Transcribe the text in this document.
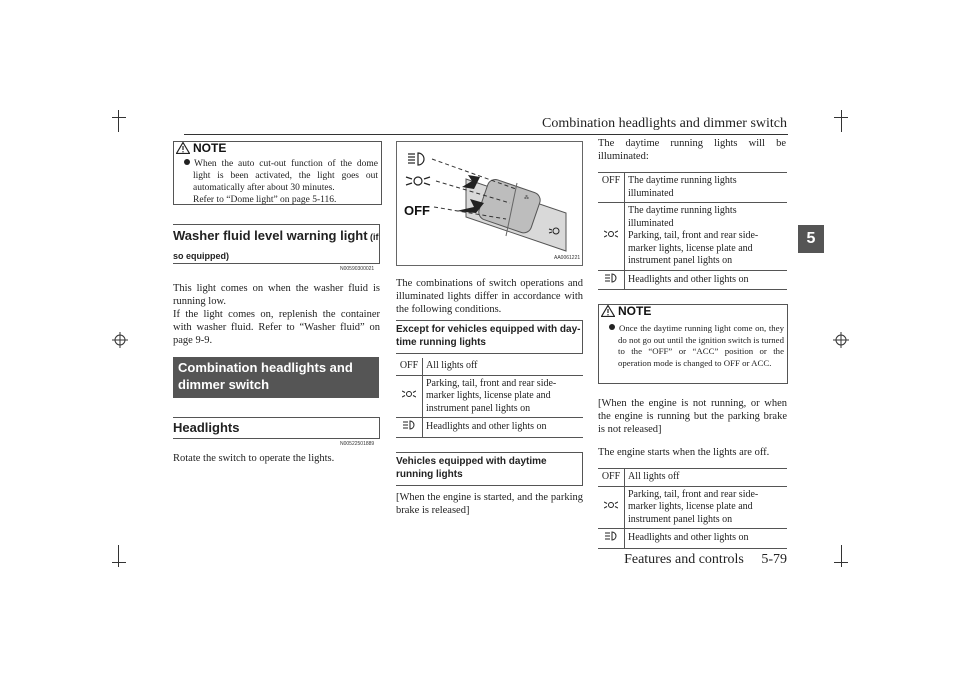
Combination headlights and dimmer switch
5
NOTE
When the auto cut-out function of the dome light is been activated, the light goes out automatically after about 30 minutes.
Refer to “Dome light” on page 5-116.
Washer fluid level warning light (if so equipped)
N00590300021
This light comes on when the washer fluid is running low.
If the light comes on, replenish the container with washer fluid. Refer to “Washer fluid” on page 9-9.
Combination headlights and dimmer switch
Headlights
N00522501889
Rotate the switch to operate the lights.
⁂
OFF
AA0061221
The combinations of switch operations and illuminated lights differ in accordance with the following conditions.
Except for vehicles equipped with day-time running lights
OFF	All lights off
	Parking, tail, front and rear side-marker lights, license plate and instrument panel lights on
	Headlights and other lights on
Vehicles equipped with daytime running lights
[When the engine is started, and the parking brake is released]
The daytime running lights will be illuminated:
OFF	The daytime running lights illuminated
	The daytime running lights illuminated
Parking, tail, front and rear side-marker lights, license plate and instrument panel lights on
	Headlights and other lights on
NOTE
Once the daytime running light come on, they do not go out until the ignition switch is turned to the “OFF” or “ACC” position or the operation mode is changed to OFF or ACC.
[When the engine is not running, or when the engine is running but the parking brake is not released]
The engine starts when the lights are off.
OFF	All lights off
	Parking, tail, front and rear side-marker lights, license plate and instrument panel lights on
	Headlights and other lights on
Features and controls     5-79
